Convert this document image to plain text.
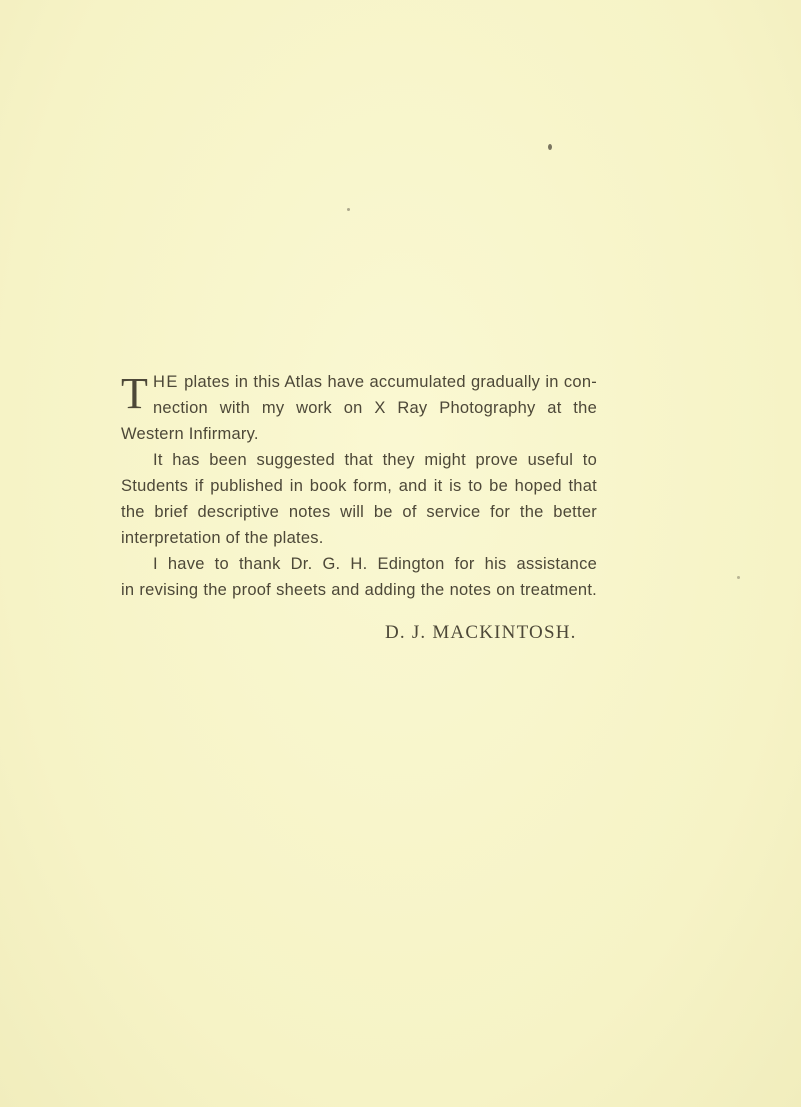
T HE plates in this Atlas have accumulated gradually in con-
nection with my work on X Ray Photography at the
Western Infirmary.

It has been suggested that they might prove useful to
Students if published in book form, and it is to be hoped that
the brief descriptive notes will be of service for the better
interpretation of the plates.

I have to thank Dr. G. H. Edington for his assistance
in revising the proof sheets and adding the notes on treatment.

D. J. MACKINTOSH.
